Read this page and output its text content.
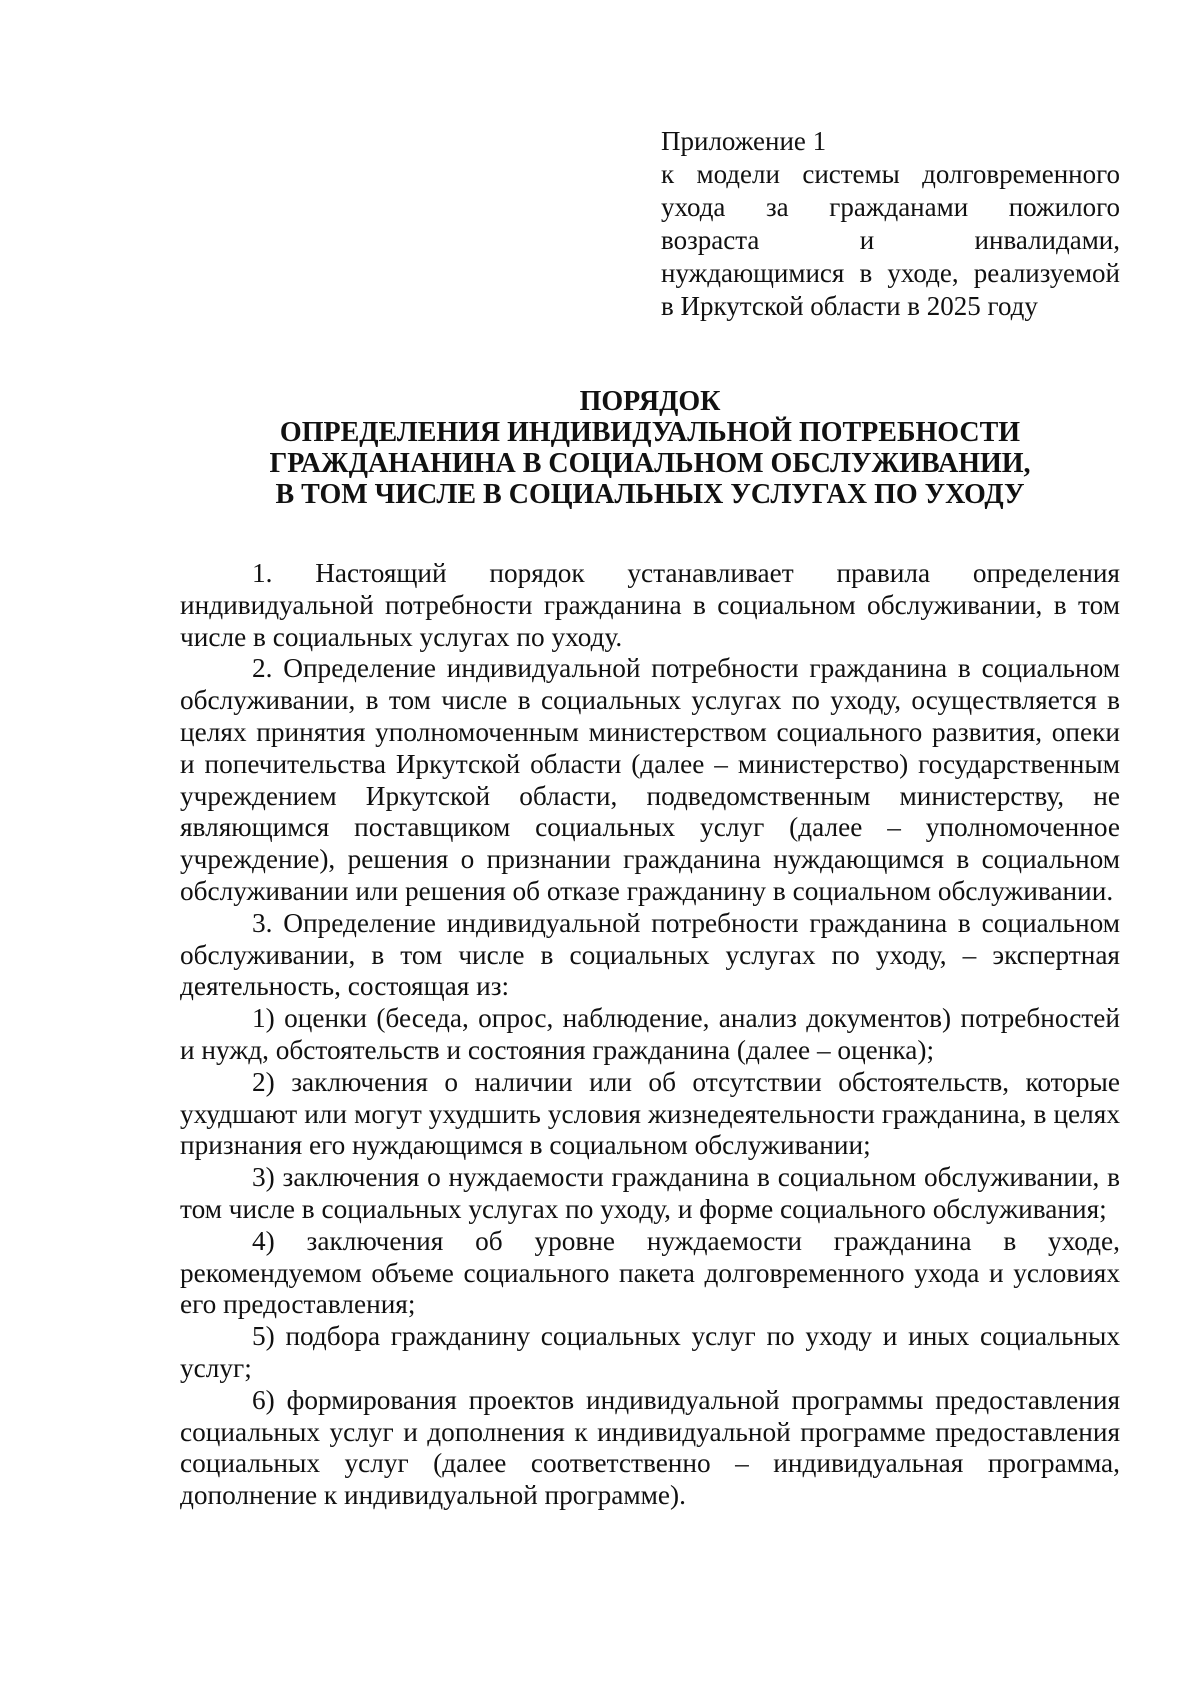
Приложение 1
к модели системы долговременного
ухода за гражданами пожилого
возраста и инвалидами,
нуждающимися в уходе, реализуемой
в Иркутской области в 2025 году
ПОРЯДОК
ОПРЕДЕЛЕНИЯ ИНДИВИДУАЛЬНОЙ ПОТРЕБНОСТИ
ГРАЖДАНАНИНА В СОЦИАЛЬНОМ ОБСЛУЖИВАНИИ,
В ТОМ ЧИСЛЕ В СОЦИАЛЬНЫХ УСЛУГАХ ПО УХОДУ

1. Настоящий порядок устанавливает правила определения индивидуальной потребности гражданина в социальном обслуживании, в том числе в социальных услугах по уходу.

2. Определение индивидуальной потребности гражданина в социальном обслуживании, в том числе в социальных услугах по уходу, осуществляется в целях принятия уполномоченным министерством социального развития, опеки и попечительства Иркутской области (далее – министерство) государственным учреждением Иркутской области, подведомственным министерству, не являющимся поставщиком социальных услуг (далее – уполномоченное учреждение), решения о признании гражданина нуждающимся в социальном обслуживании или решения об отказе гражданину в социальном обслуживании.

3. Определение индивидуальной потребности гражданина в социальном обслуживании, в том числе в социальных услугах по уходу, – экспертная деятельность, состоящая из:

1) оценки (беседа, опрос, наблюдение, анализ документов) потребностей и нужд, обстоятельств и состояния гражданина (далее – оценка);

2) заключения о наличии или об отсутствии обстоятельств, которые ухудшают или могут ухудшить условия жизнедеятельности гражданина, в целях признания его нуждающимся в социальном обслуживании;

3) заключения о нуждаемости гражданина в социальном обслуживании, в том числе в социальных услугах по уходу, и форме социального обслуживания;

4) заключения об уровне нуждаемости гражданина в уходе, рекомендуемом объеме социального пакета долговременного ухода и условиях его предоставления;

5) подбора гражданину социальных услуг по уходу и иных социальных услуг;

6) формирования проектов индивидуальной программы предоставления социальных услуг и дополнения к индивидуальной программе предоставления социальных услуг (далее соответственно – индивидуальная программа, дополнение к индивидуальной программе).
